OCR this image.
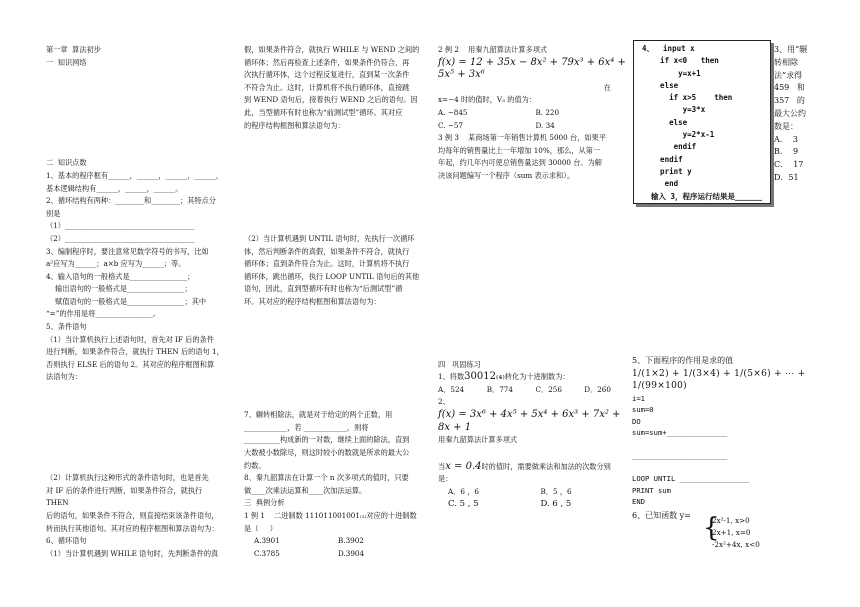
第一章  算法初步

一  知识网络

二  知识点数

1、基本的程序框有______，______，______，______，

基本逻辑结构有______，______，______。

2、循环结构有两种：________和________；其特点分

别是

（1）____________________________________

（2）____________________________________

3、编制程序时，要注意常见数学符号的书写，比如

a²应写为______；a×b 应写为______；等。

4、输入语句的一般格式是________________；

输出语句的一般格式是________________；

赋值语句的一般格式是________________；其中

“=”的作用是将________________。

5、条件语句

（1）当计算机执行上述语句时，首先对 IF 后的条件

进行判断，如果条件符合，就执行 THEN 后的语句 1，

否则执行 ELSE 后的语句 2。其对应的程序框图和算

法语句为：

（2）计算机执行这种形式的条件语句时，也是首先

对 IF 后的条件进行判断，如果条件符合，就执行 THEN

后的语句，如果条件不符合，则直接结束该条件语句，

转而执行其他语句。其对应的程序框图和算法语句为：

6、循环语句

（1）当计算机遇到 WHILE 语句时，先判断条件的真

假，如果条件符合，就执行 WHILE 与 WEND 之间的

循环体；然后再检查上述条件，如果条件仍符合，再

次执行循环体，这个过程反复进行，直到某一次条件

不符合为止。这时，计算机将不执行循环体，直接跳

到 WEND 语句后，接着执行 WEND 之后的语句。因

此，当型循环有时也称为“前测试型”循环。其对应

的程序结构框图和算法语句为：

（2）当计算机遇到 UNTIL 语句时，先执行一次循环

体，然后判断条件的真假，如果条件不符合，就执行

循环体；直到条件符合为止。这时，计算机将不执行

循环体，跳出循环，执行 LOOP UNTIL 语句后的其他

语句，因此，直到型循环有时也称为“后测试型”循

环。其对应的程序结构框图和算法语句为：

7、辗转相除法，就是对于给定的两个正数，用

____________，若 ____________，则将

__________构成新的一对数，继续上面的除法，直到

大数被小数除尽，则这时较小的数就是所求的最大公

约数。

8、秦九韶算法在计算一个 n 次多项式的值时，只要

做____次乘法运算和____次加法运算。

三  典例分析

1 例 1    二进制数 111011001001₍₂₎对应的十进制数

是（     ）

A.3901	B.3902
C.3785	D.3904

2 例 2    用秦九韶算法计算多项式

f(x) = 12 + 35x − 8x² + 79x³ + 6x⁴ + 5x⁵ + 3x⁶

在

x=−4 时的值时，V₃ 的值为：

A. −845	B. 220
C. −57	D. 34

3 例 3    某商场第一年销售计算机 5000 台，如果平

均每年的销售量比上一年增加 10%，那么，从第一

年起，约几年内可使总销售量达到 30000 台。为解

决该问题编写一个程序（sum 表示求和）。

四   巩固练习

1、将数30012₍₄₎转化为十进制数为：

A．524	B．774	C．256	D．260

2、

f(x) = 3x⁶ + 4x⁵ + 5x⁴ + 6x³ + 7x² + 8x + 1

用秦九韶算法计算多项式

当x = 0.4时的值时，需要做乘法和加法的次数分别

是：

A．6 ，6	B．5 ，6
C. 5 , 5	D. 6 , 5
4、  input x
if x<0   then
y=x+1
else
if x>5    then
y=3*x
else
y=2*x-1
endif
endif
print y
end
输入 3，程序运行结果是______

3、用“辗

转相除

法”求得

459   和

357   的

最大公约

数是：

A．  3

B．  9

C．  17

D．51

5、下面程序的作用是求的值

1/(1×2) + 1/(3×4) + 1/(5×6) + ⋯ + 1/(99×100)

i=1
sum=0
DO
sum=sum+______________

______________________

LOOP UNTIL ________________
PRINT sum
END

6、已知函数 y= {
2x²-1, x>0
2x+1, x=0
-2x²+4x, x<0
